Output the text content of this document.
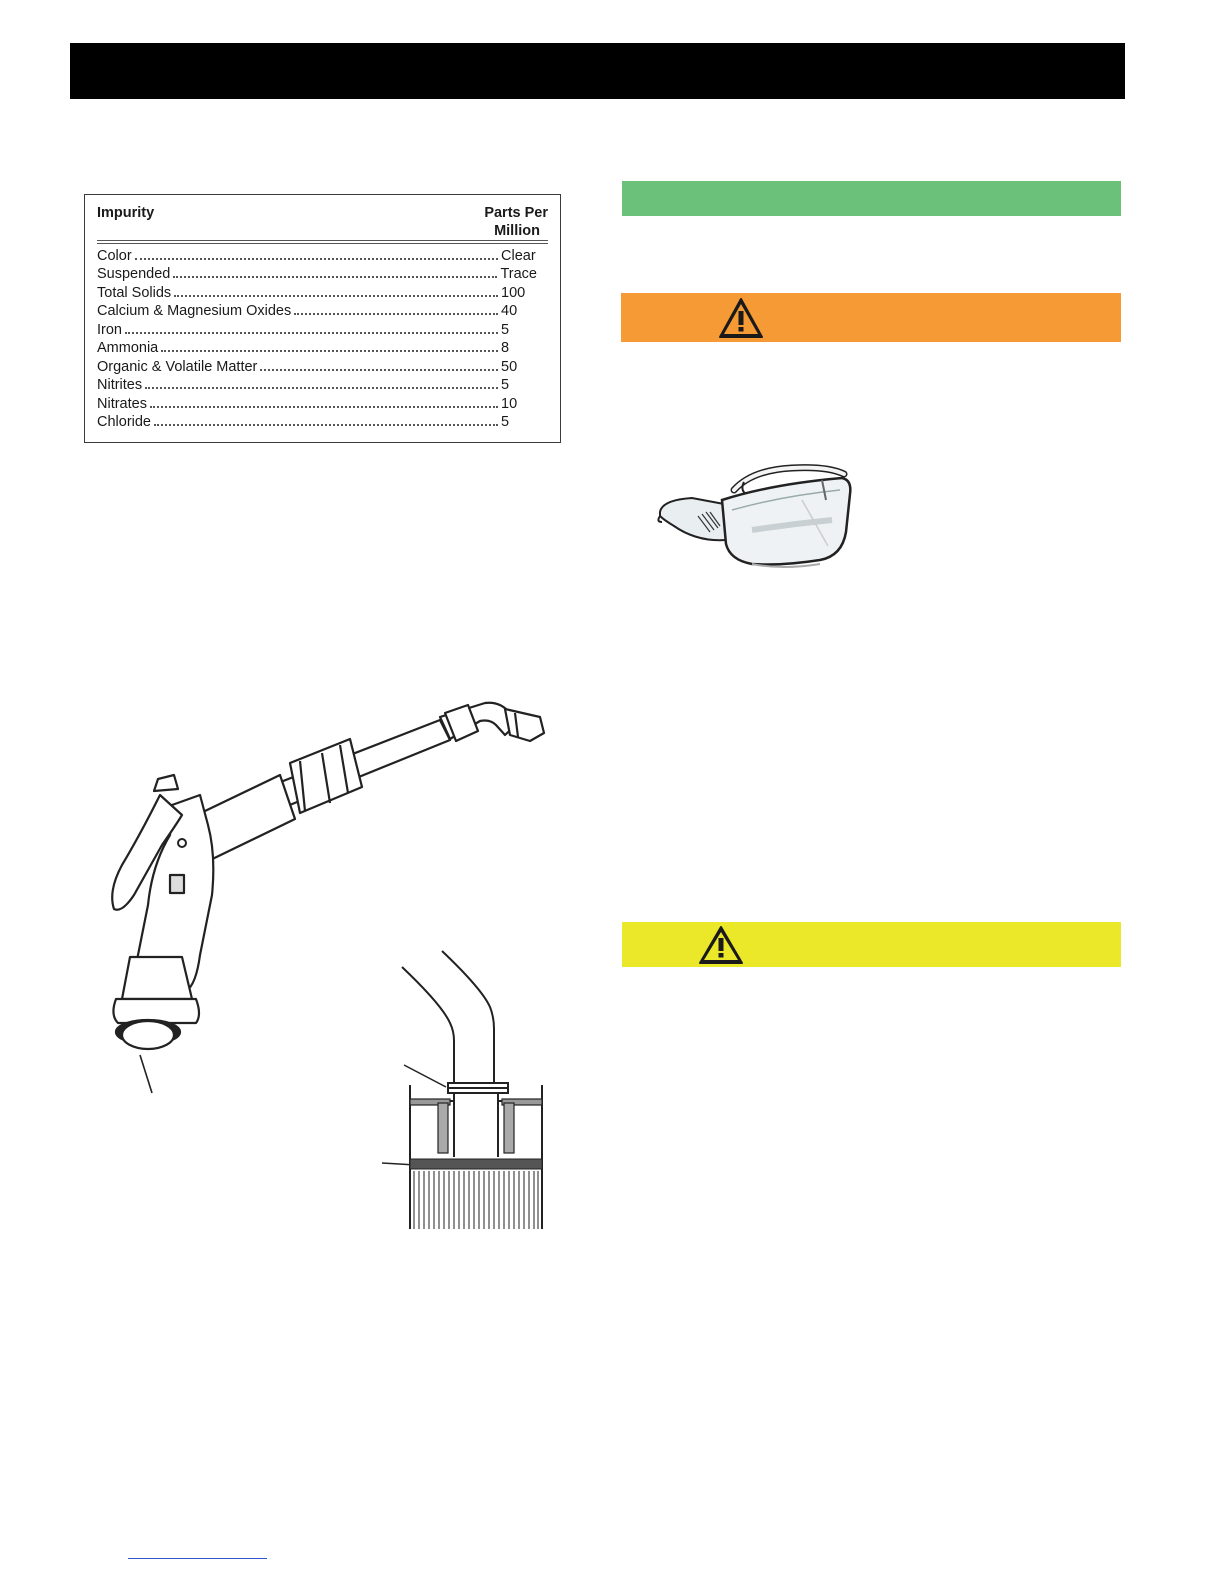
Impurity	Parts Per
Million
Color	Clear
Suspended	Trace
Total Solids	100
Calcium & Magnesium Oxides	40
Iron	5
Ammonia	8
Organic & Volatile Matter	50
Nitrites	5
Nitrates	10
Chloride	5
